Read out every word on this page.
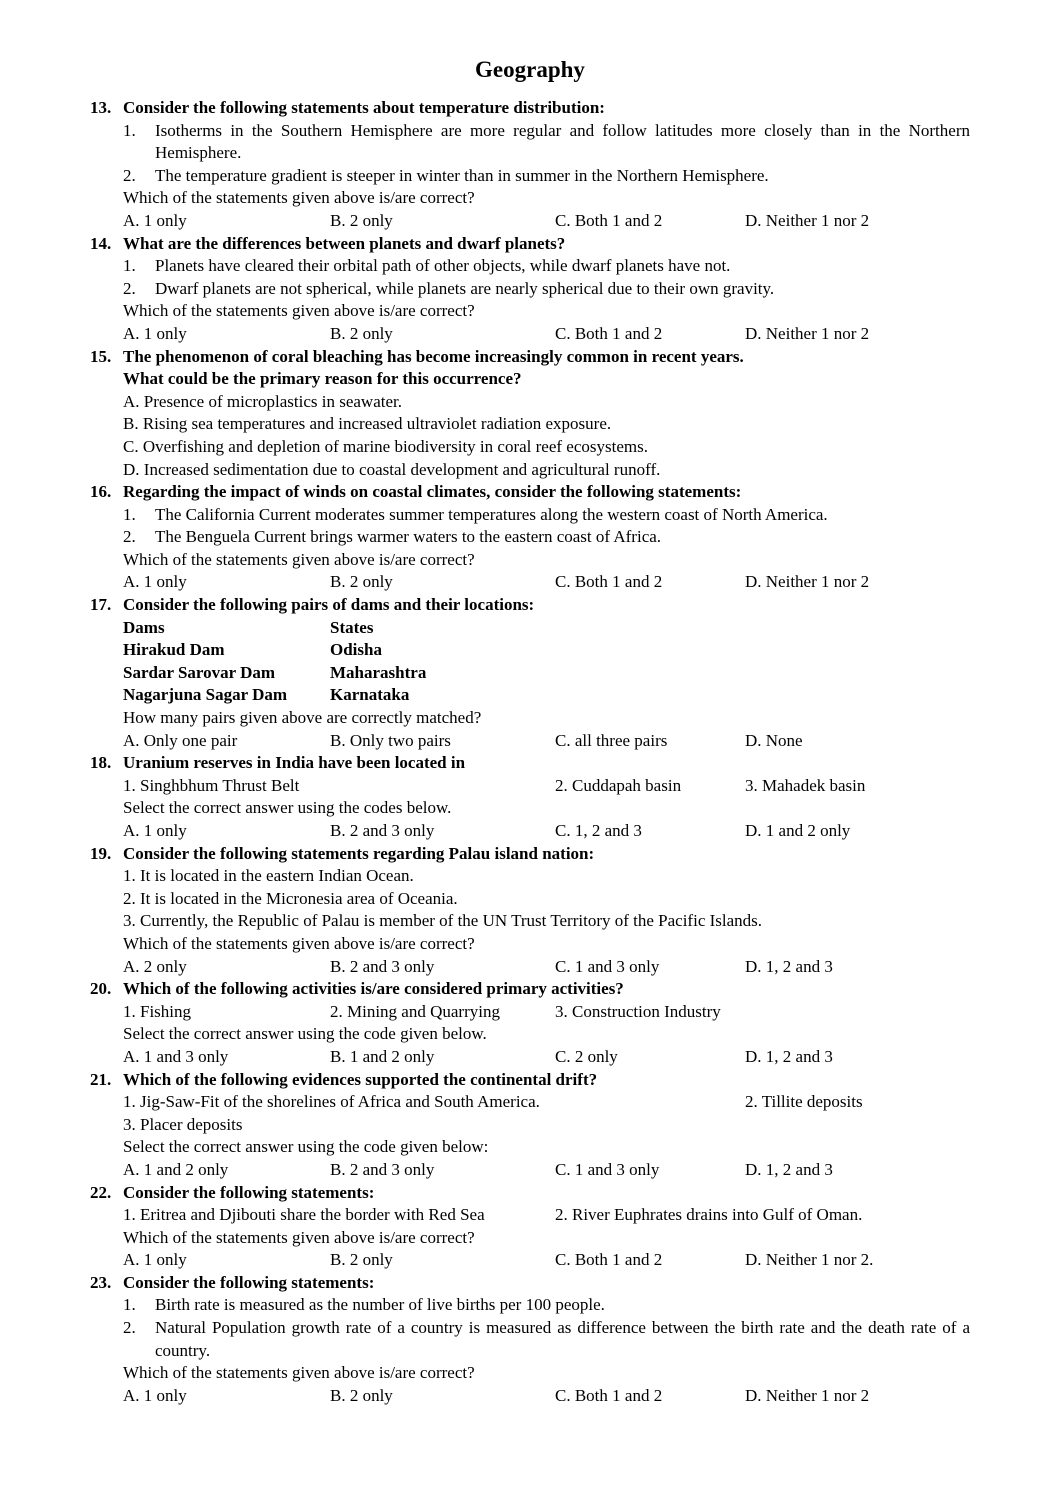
Geography
13. Consider the following statements about temperature distribution:
1.	Isotherms in the Southern Hemisphere are more regular and follow latitudes more closely than in the Northern Hemisphere.
2.	The temperature gradient is steeper in winter than in summer in the Northern Hemisphere.
Which of the statements given above is/are correct?
A. 1 only	B. 2 only	C. Both 1 and 2	D. Neither 1 nor 2
14. What are the differences between planets and dwarf planets?
1.	Planets have cleared their orbital path of other objects, while dwarf planets have not.
2.	Dwarf planets are not spherical, while planets are nearly spherical due to their own gravity.
Which of the statements given above is/are correct?
A. 1 only	B. 2 only	C. Both 1 and 2	D. Neither 1 nor 2
15. The phenomenon of coral bleaching has become increasingly common in recent years.
What could be the primary reason for this occurrence?
A. Presence of microplastics in seawater.
B. Rising sea temperatures and increased ultraviolet radiation exposure.
C. Overfishing and depletion of marine biodiversity in coral reef ecosystems.
D. Increased sedimentation due to coastal development and agricultural runoff.
16. Regarding the impact of winds on coastal climates, consider the following statements:
1.	The California Current moderates summer temperatures along the western coast of North America.
2.	The Benguela Current brings warmer waters to the eastern coast of Africa.
Which of the statements given above is/are correct?
A. 1 only	B. 2 only	C. Both 1 and 2	D. Neither 1 nor 2
17. Consider the following pairs of dams and their locations:
Dams	States
Hirakud Dam	Odisha
Sardar Sarovar Dam	Maharashtra
Nagarjuna Sagar Dam	Karnataka
How many pairs given above are correctly matched?
A. Only one pair	B. Only two pairs	C. all three pairs	D. None
18. Uranium reserves in India have been located in
1. Singhbhum Thrust Belt	2. Cuddapah basin	3. Mahadek basin
Select the correct answer using the codes below.
A. 1 only	B. 2 and 3 only	C. 1, 2 and 3	D. 1 and 2 only
19. Consider the following statements regarding Palau island nation:
1. It is located in the eastern Indian Ocean.
2. It is located in the Micronesia area of Oceania.
3. Currently, the Republic of Palau is member of the UN Trust Territory of the Pacific Islands.
Which of the statements given above is/are correct?
A. 2 only	B. 2 and 3 only	C. 1 and 3 only	D. 1, 2 and 3
20. Which of the following activities is/are considered primary activities?
1. Fishing	2. Mining and Quarrying	3. Construction Industry
Select the correct answer using the code given below.
A. 1 and 3 only	B. 1 and 2 only	C. 2 only	D. 1, 2 and 3
21. Which of the following evidences supported the continental drift?
1. Jig-Saw-Fit of the shorelines of Africa and South America.	2. Tillite deposits
3. Placer deposits
Select the correct answer using the code given below:
A. 1 and 2 only	B. 2 and 3 only	C. 1 and 3 only	D. 1, 2 and 3
22. Consider the following statements:
1. Eritrea and Djibouti share the border with Red Sea	2. River Euphrates drains into Gulf of Oman.
Which of the statements given above is/are correct?
A. 1 only	B. 2 only	C. Both 1 and 2	D. Neither 1 nor 2.
23. Consider the following statements:
1.	Birth rate is measured as the number of live births per 100 people.
2.	Natural Population growth rate of a country is measured as difference between the birth rate and the death rate of a country.
Which of the statements given above is/are correct?
A. 1 only	B. 2 only	C. Both 1 and 2	D. Neither 1 nor 2
